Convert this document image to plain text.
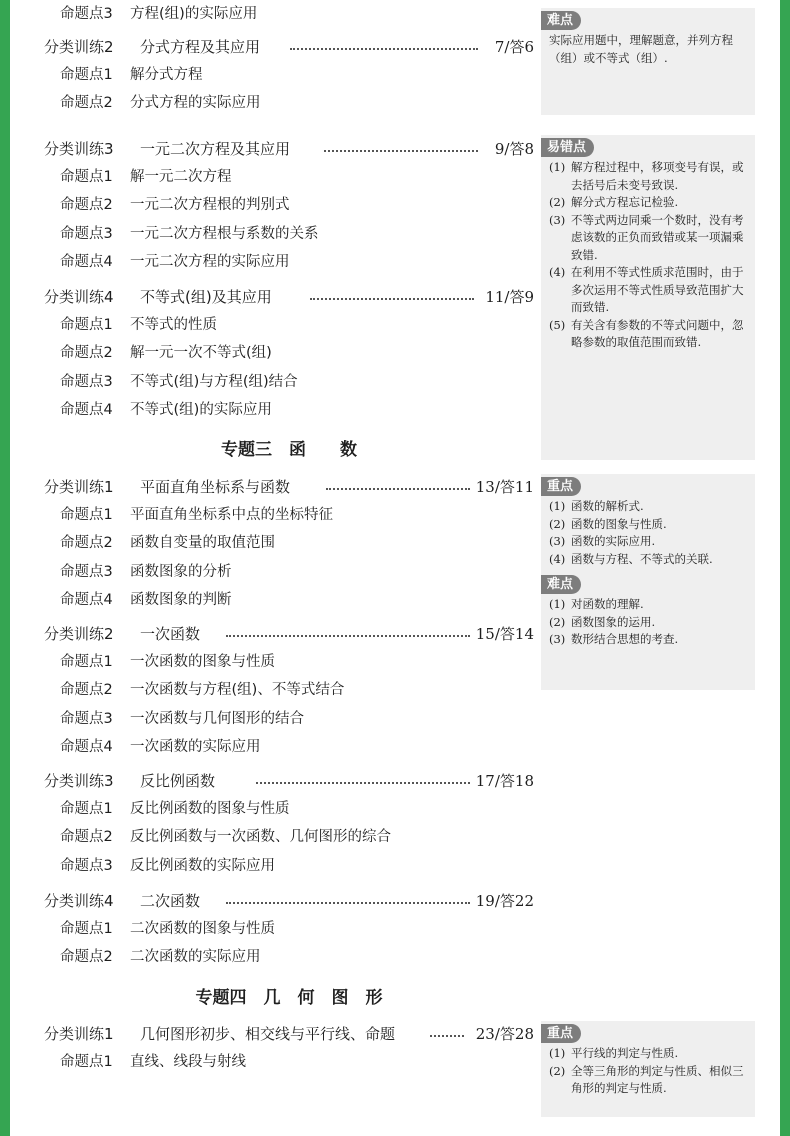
命题点3 方程(组)的实际应用
分类训练2 分式方程及其应用	7/答6
命题点1 解分式方程
命题点2 分式方程的实际应用
分类训练3 一元二次方程及其应用	9/答8
命题点1 解一元二次方程
命题点2 一元二次方程根的判别式
命题点3 一元二次方程根与系数的关系
命题点4 一元二次方程的实际应用
分类训练4 不等式(组)及其应用	11/答9
命题点1 不等式的性质
命题点2 解一元一次不等式(组)
命题点3 不等式(组)与方程(组)结合
命题点4 不等式(组)的实际应用
专题三　函　　数
分类训练1 平面直角坐标系与函数	13/答11
命题点1 平面直角坐标系中点的坐标特征
命题点2 函数自变量的取值范围
命题点3 函数图象的分析
命题点4 函数图象的判断
分类训练2 一次函数	15/答14
命题点1 一次函数的图象与性质
命题点2 一次函数与方程(组)、不等式结合
命题点3 一次函数与几何图形的结合
命题点4 一次函数的实际应用
分类训练3 反比例函数	17/答18
命题点1 反比例函数的图象与性质
命题点2 反比例函数与一次函数、几何图形的综合
命题点3 反比例函数的实际应用
分类训练4 二次函数	19/答22
命题点1 二次函数的图象与性质
命题点2 二次函数的实际应用
专题四　几　何　图　形
分类训练1 几何图形初步、相交线与平行线、命题	23/答28
命题点1 直线、线段与射线
难点
实际应用题中，理解题意，并列方程（组）或不等式（组）.
易错点
(1) 解方程过程中，移项变号有误，或去括号后未变号致误.
(2) 解分式方程忘记检验.
(3) 不等式两边同乘一个数时，没有考虑该数的正负而致错或某一项漏乘致错.
(4) 在利用不等式性质求范围时，由于多次运用不等式性质导致范围扩大而致错.
(5) 有关含有参数的不等式问题中，忽略参数的取值范围而致错.
重点
(1) 函数的解析式.
(2) 函数的图象与性质.
(3) 函数的实际应用.
(4) 函数与方程、不等式的关联.
难点
(1) 对函数的理解.
(2) 函数图象的运用.
(3) 数形结合思想的考查.
重点
(1) 平行线的判定与性质.
(2) 全等三角形的判定与性质、相似三角形的判定与性质.
